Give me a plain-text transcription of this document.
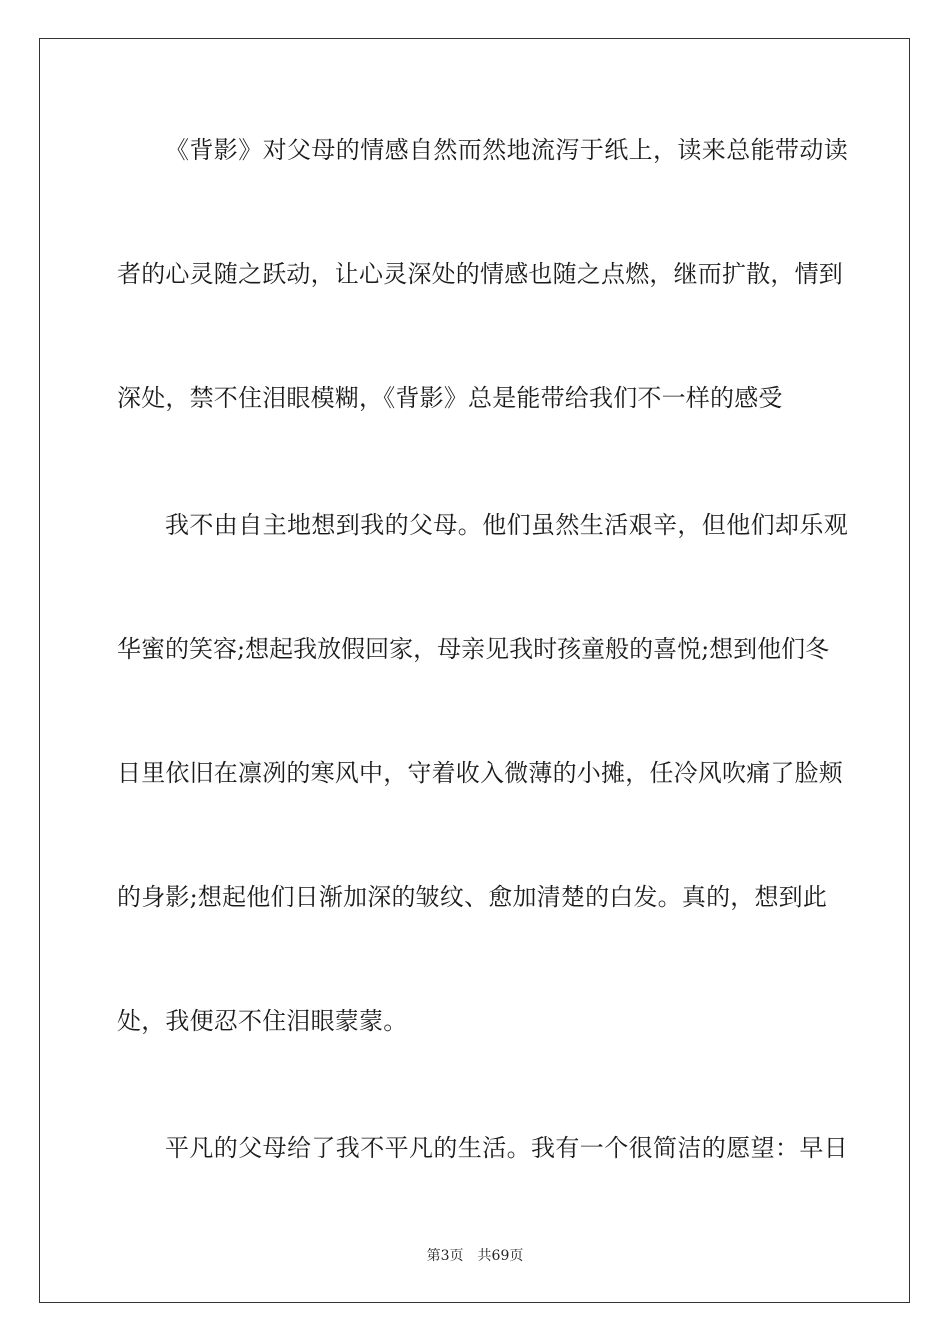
《背影》对父母的情感自然而然地流泻于纸上，读来总能带动读
者的心灵随之跃动，让心灵深处的情感也随之点燃，继而扩散，情到
深处，禁不住泪眼模糊，《背影》总是能带给我们不一样的感受
我不由自主地想到我的父母。他们虽然生活艰辛，但他们却乐观
华蜜的笑容;想起我放假回家，母亲见我时孩童般的喜悦;想到他们冬
日里依旧在凛冽的寒风中，守着收入微薄的小摊，任冷风吹痛了脸颊
的身影;想起他们日渐加深的皱纹、愈加清楚的白发。真的，想到此
处，我便忍不住泪眼蒙蒙。
平凡的父母给了我不平凡的生活。我有一个很简洁的愿望：早日
第3页 共69页
